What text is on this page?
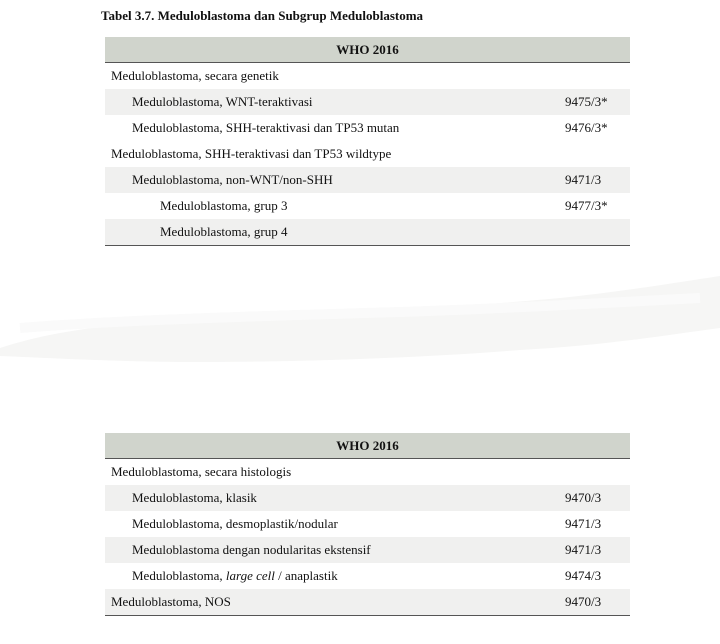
Tabel 3.7. Meduloblastoma dan Subgrup Meduloblastoma
WHO 2016
Meduloblastoma, secara genetik
Meduloblastoma, WNT-teraktivasi	9475/3*
Meduloblastoma, SHH-teraktivasi dan TP53 mutan	9476/3*
Meduloblastoma, SHH-teraktivasi dan TP53 wildtype
Meduloblastoma, non-WNT/non-SHH	9471/3
Meduloblastoma, grup 3	9477/3*
Meduloblastoma, grup 4
WHO 2016
Meduloblastoma, secara histologis
Meduloblastoma, klasik	9470/3
Meduloblastoma, desmoplastik/nodular	9471/3
Meduloblastoma dengan nodularitas ekstensif	9471/3
Meduloblastoma, large cell / anaplastik	9474/3
Meduloblastoma, NOS	9470/3
